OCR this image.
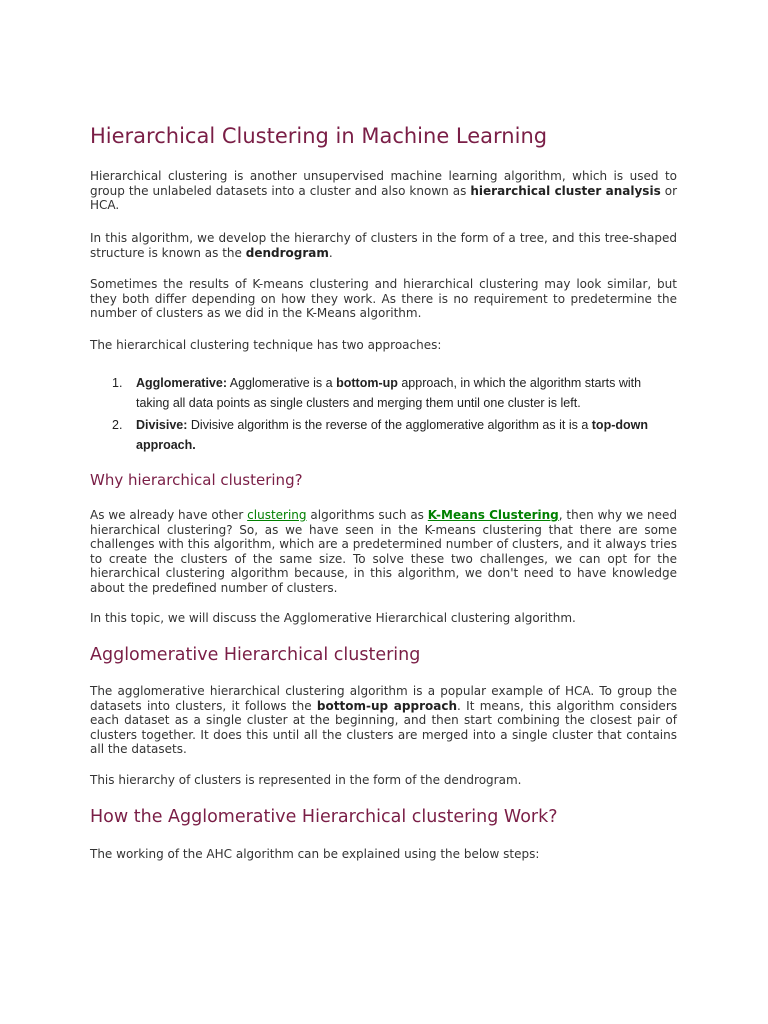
Hierarchical Clustering in Machine Learning

Hierarchical clustering is another unsupervised machine learning algorithm, which is used to group the unlabeled datasets into a cluster and also known as hierarchical cluster analysis or HCA.

In this algorithm, we develop the hierarchy of clusters in the form of a tree, and this tree-shaped structure is known as the dendrogram.

Sometimes the results of K-means clustering and hierarchical clustering may look similar, but they both differ depending on how they work. As there is no requirement to predetermine the number of clusters as we did in the K-Means algorithm.

The hierarchical clustering technique has two approaches:

1. Agglomerative: Agglomerative is a bottom-up approach, in which the algorithm starts with taking all data points as single clusters and merging them until one cluster is left.
2. Divisive: Divisive algorithm is the reverse of the agglomerative algorithm as it is a top-down approach.
Why hierarchical clustering?

As we already have other clustering algorithms such as K-Means Clustering, then why we need hierarchical clustering? So, as we have seen in the K-means clustering that there are some challenges with this algorithm, which are a predetermined number of clusters, and it always tries to create the clusters of the same size. To solve these two challenges, we can opt for the hierarchical clustering algorithm because, in this algorithm, we don't need to have knowledge about the predefined number of clusters.

In this topic, we will discuss the Agglomerative Hierarchical clustering algorithm.

Agglomerative Hierarchical clustering

The agglomerative hierarchical clustering algorithm is a popular example of HCA. To group the datasets into clusters, it follows the bottom-up approach. It means, this algorithm considers each dataset as a single cluster at the beginning, and then start combining the closest pair of clusters together. It does this until all the clusters are merged into a single cluster that contains all the datasets.

This hierarchy of clusters is represented in the form of the dendrogram.

How the Agglomerative Hierarchical clustering Work?

The working of the AHC algorithm can be explained using the below steps:
